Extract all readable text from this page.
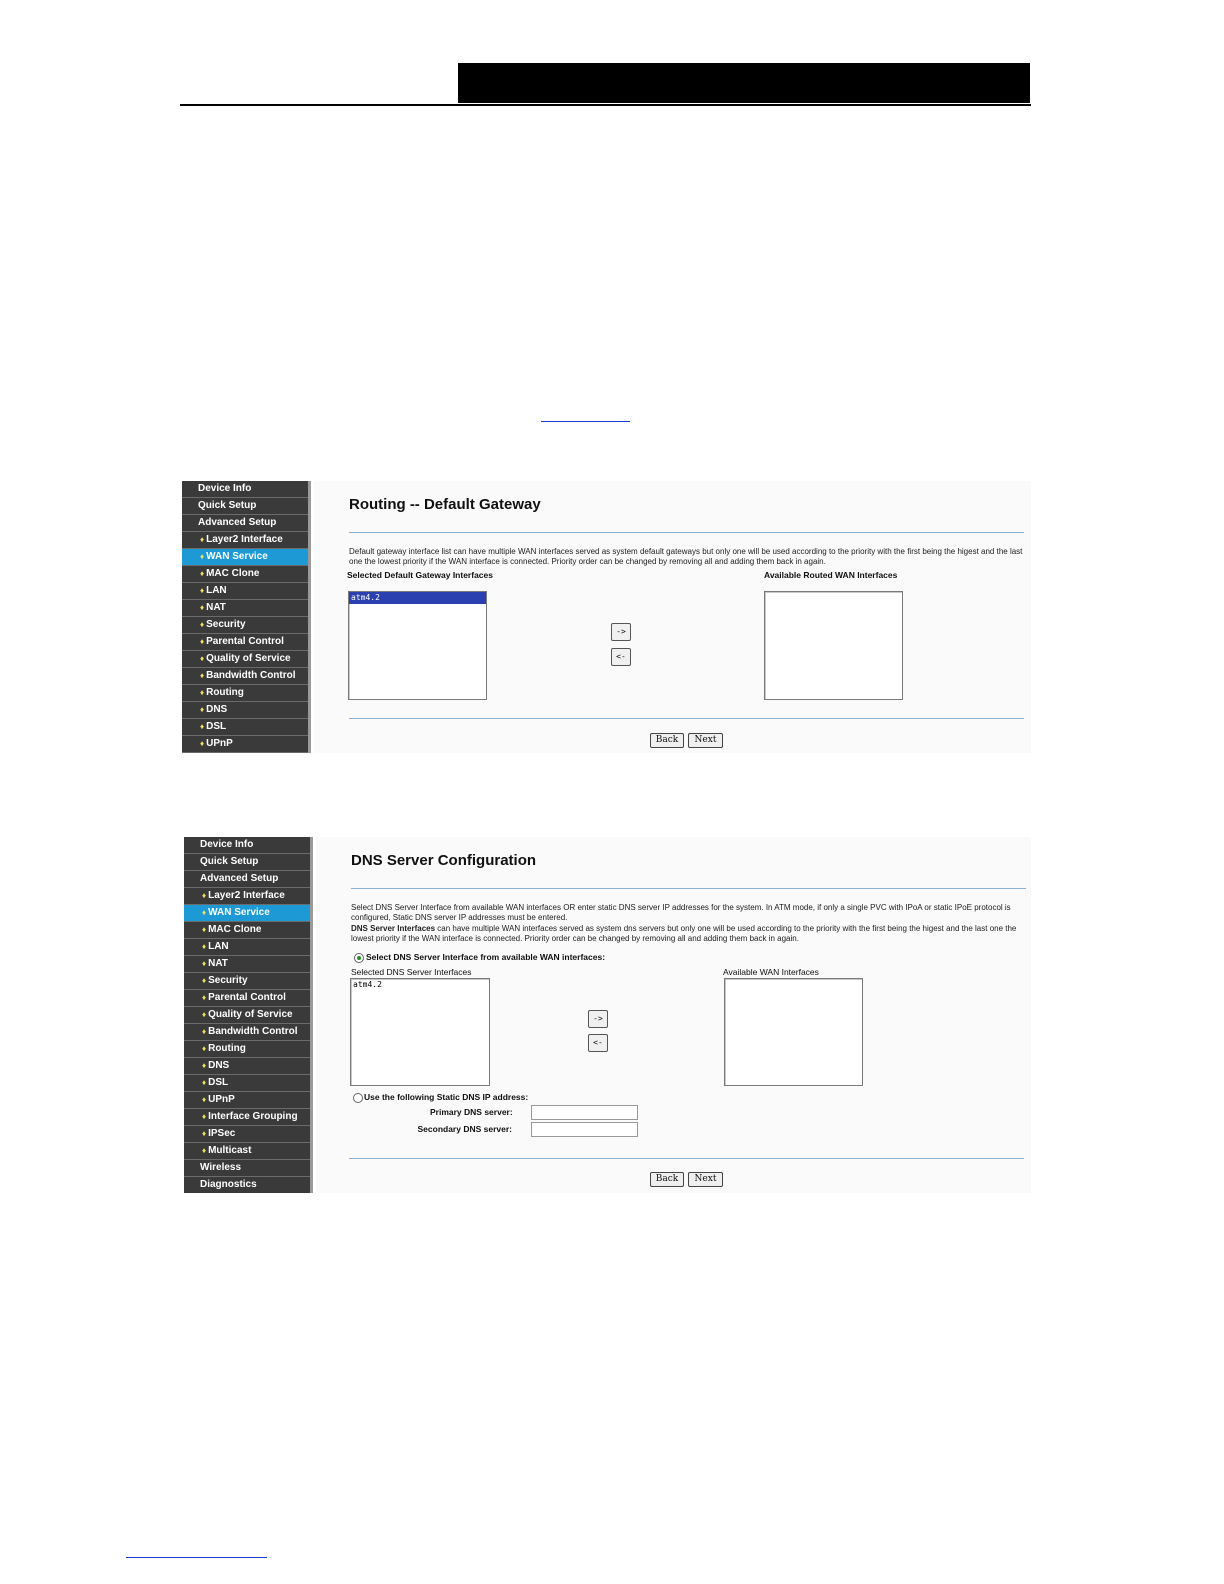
Device Info
Quick Setup
Advanced Setup
♦ Layer2 Interface
♦ WAN Service
♦ MAC Clone
♦ LAN
♦ NAT
♦ Security
♦ Parental Control
♦ Quality of Service
♦ Bandwidth Control
♦ Routing
♦ DNS
♦ DSL
♦ UPnP
Routing -- Default Gateway
Default gateway interface list can have multiple WAN interfaces served as system default gateways but only one will be used according to the priority with the first being the higest and the last one the lowest priority if the WAN interface is connected. Priority order can be changed by removing all and adding them back in again.
Selected Default Gateway Interfaces	Available Routed WAN Interfaces
atm4.2
->
<-
Back	Next
Device Info
Quick Setup
Advanced Setup
♦ Layer2 Interface
♦ WAN Service
♦ MAC Clone
♦ LAN
♦ NAT
♦ Security
♦ Parental Control
♦ Quality of Service
♦ Bandwidth Control
♦ Routing
♦ DNS
♦ DSL
♦ UPnP
♦ Interface Grouping
♦ IPSec
♦ Multicast
Wireless
Diagnostics
DNS Server Configuration
Select DNS Server Interface from available WAN interfaces OR enter static DNS server IP addresses for the system. In ATM mode, if only a single PVC with IPoA or static IPoE protocol is configured, Static DNS server IP addresses must be entered.
DNS Server Interfaces can have multiple WAN interfaces served as system dns servers but only one will be used according to the priority with the first being the higest and the last one the lowest priority if the WAN interface is connected. Priority order can be changed by removing all and adding them back in again.
Select DNS Server Interface from available WAN interfaces:
Selected DNS Server Interfaces	Available WAN Interfaces
atm4.2
->
<-
Use the following Static DNS IP address:
Primary DNS server:
Secondary DNS server:
Back	Next
